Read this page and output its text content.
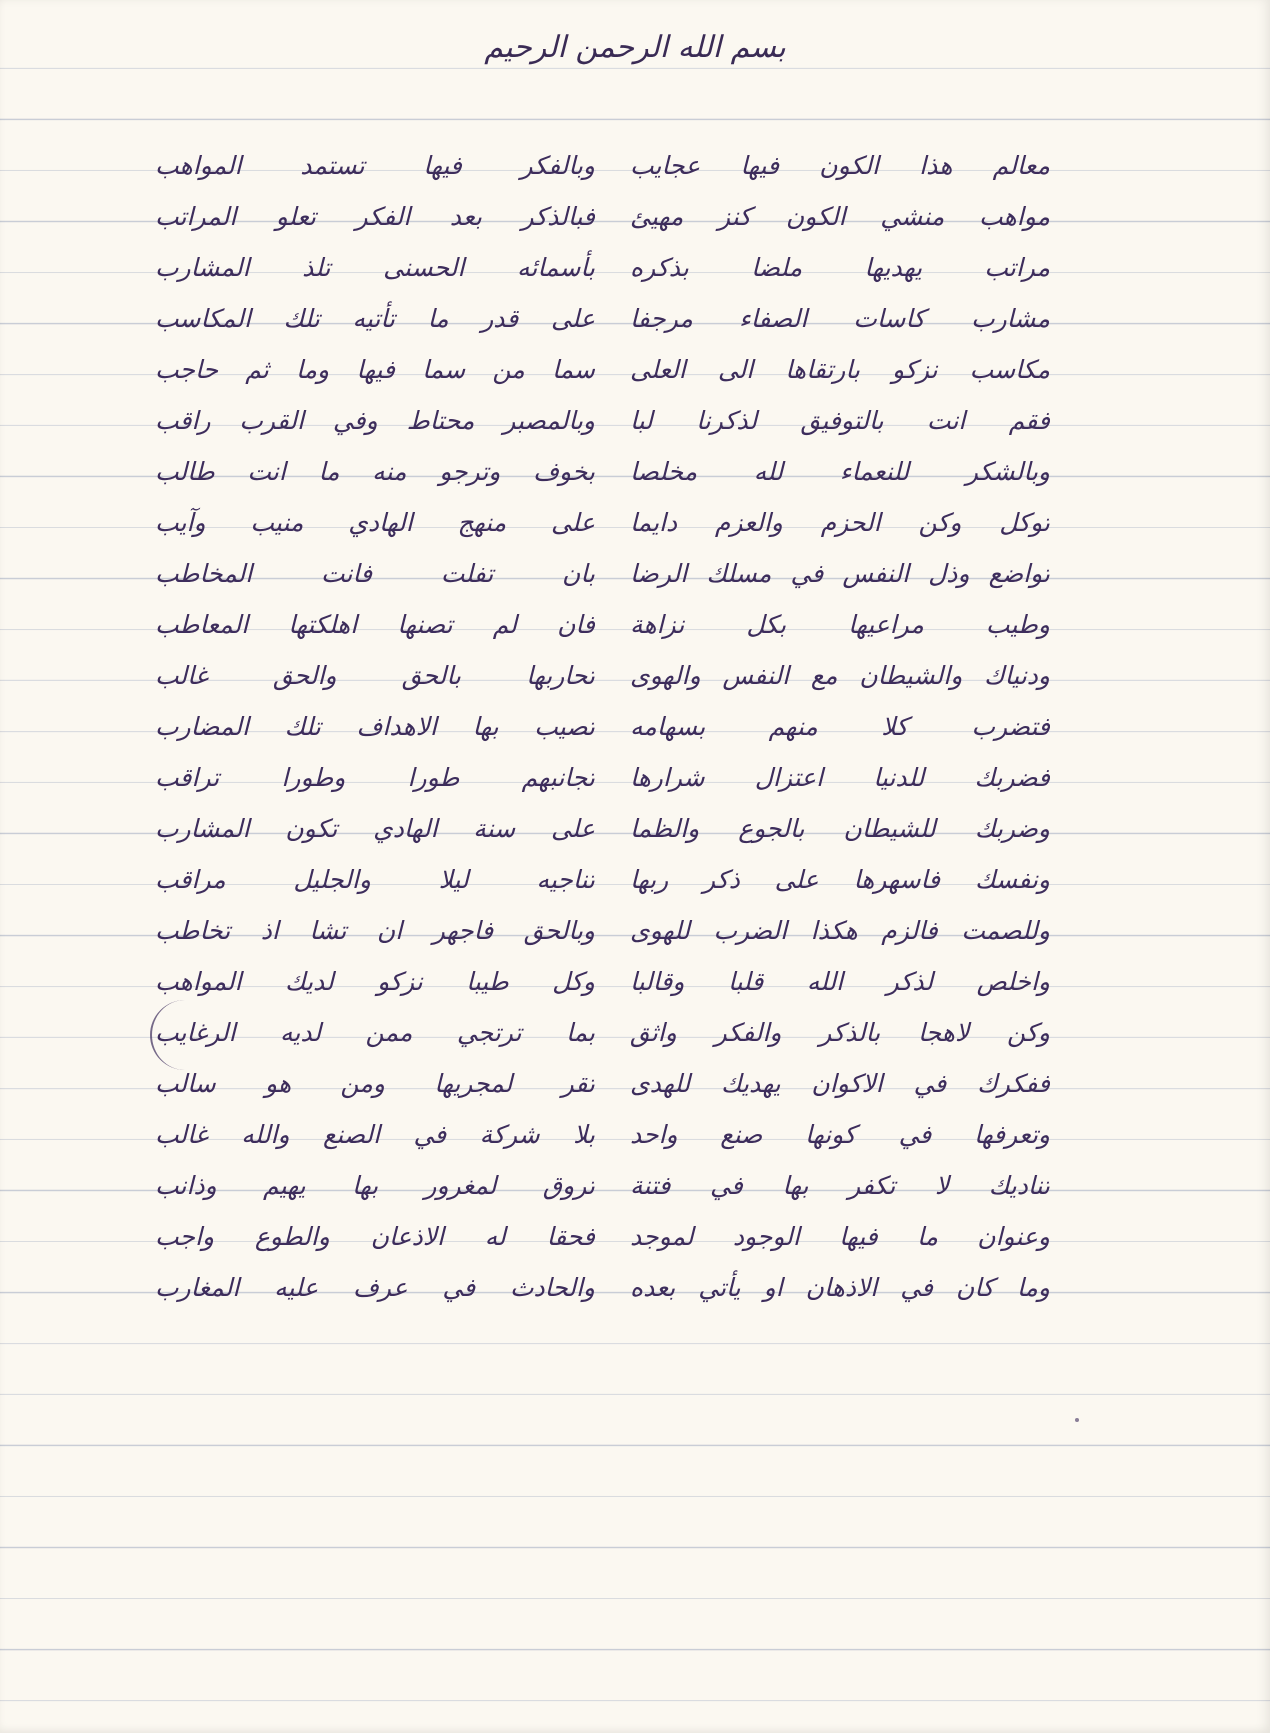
بسم الله الرحمن الرحيم
معالم هذا الكون فيها عجايب
مواهب منشي الكون كنز مهيئ
مراتب يهديها ملضا بذكره
مشارب كاسات الصفاء مرجفا
مكاسب نزكو بارتقاها الى العلى
فقم انت بالتوفيق لذكرنا لبا
وبالشكر للنعماء لله مخلصا
توكل وكن الحزم والعزم دايما
تواضع وذل النفس في مسلك الرضا
وطيب مراعيها بكل نزاهة
ودنياك والشيطان مع النفس والهوى
فتضرب كلا منهم بسهامه
فضربك للدنيا اعتزال شرارها
وضربك للشيطان بالجوع والظما
ونفسك فاسهرها على ذكر ربها
وللصمت فالزم هكذا الضرب للهوى
واخلص لذكر الله قلبا وقالبا
وكن لاهجا بالذكر والفكر واثق
ففكرك في الاكوان يهديك للهدى
وتعرفها في كونها صنع واحد
تناديك لا تكفر بها في فتنة
وعنوان ما فيها الوجود لموجد
وما كان في الاذهان او يأتي بعده
وبالفكر فيها تستمد المواهب
فبالذكر بعد الفكر تعلو المراتب
بأسمائه الحسنى تلذ المشارب
على قدر ما تأتيه تلك المكاسب
سما من سما فيها وما ثم حاجب
وبالمصبر محتاط وفي القرب راقب
بخوف وترجو منه ما انت طالب
على منهج الهادي منيب وآيب
بان تفلت فانت المخاطب
فان لم تصنها اهلكتها المعاطب
تحاربها بالحق والحق غالب
تصيب بها الاهداف تلك المضارب
تجانبهم طورا وطورا تراقب
على سنة الهادي تكون المشارب
تناجيه ليلا والجليل مراقب
وبالحق فاجهر ان تشا اذ تخاطب
وكل طيبا نزكو لديك المواهب
بما ترتجي ممن لديه الرغايب
تقر لمجريها ومن هو سالب
بلا شركة في الصنع والله غالب
تروق لمغرور بها يهيم وذانب
فحقا له الاذعان والطوع واجب
والحادث في عرف عليه المغارب
